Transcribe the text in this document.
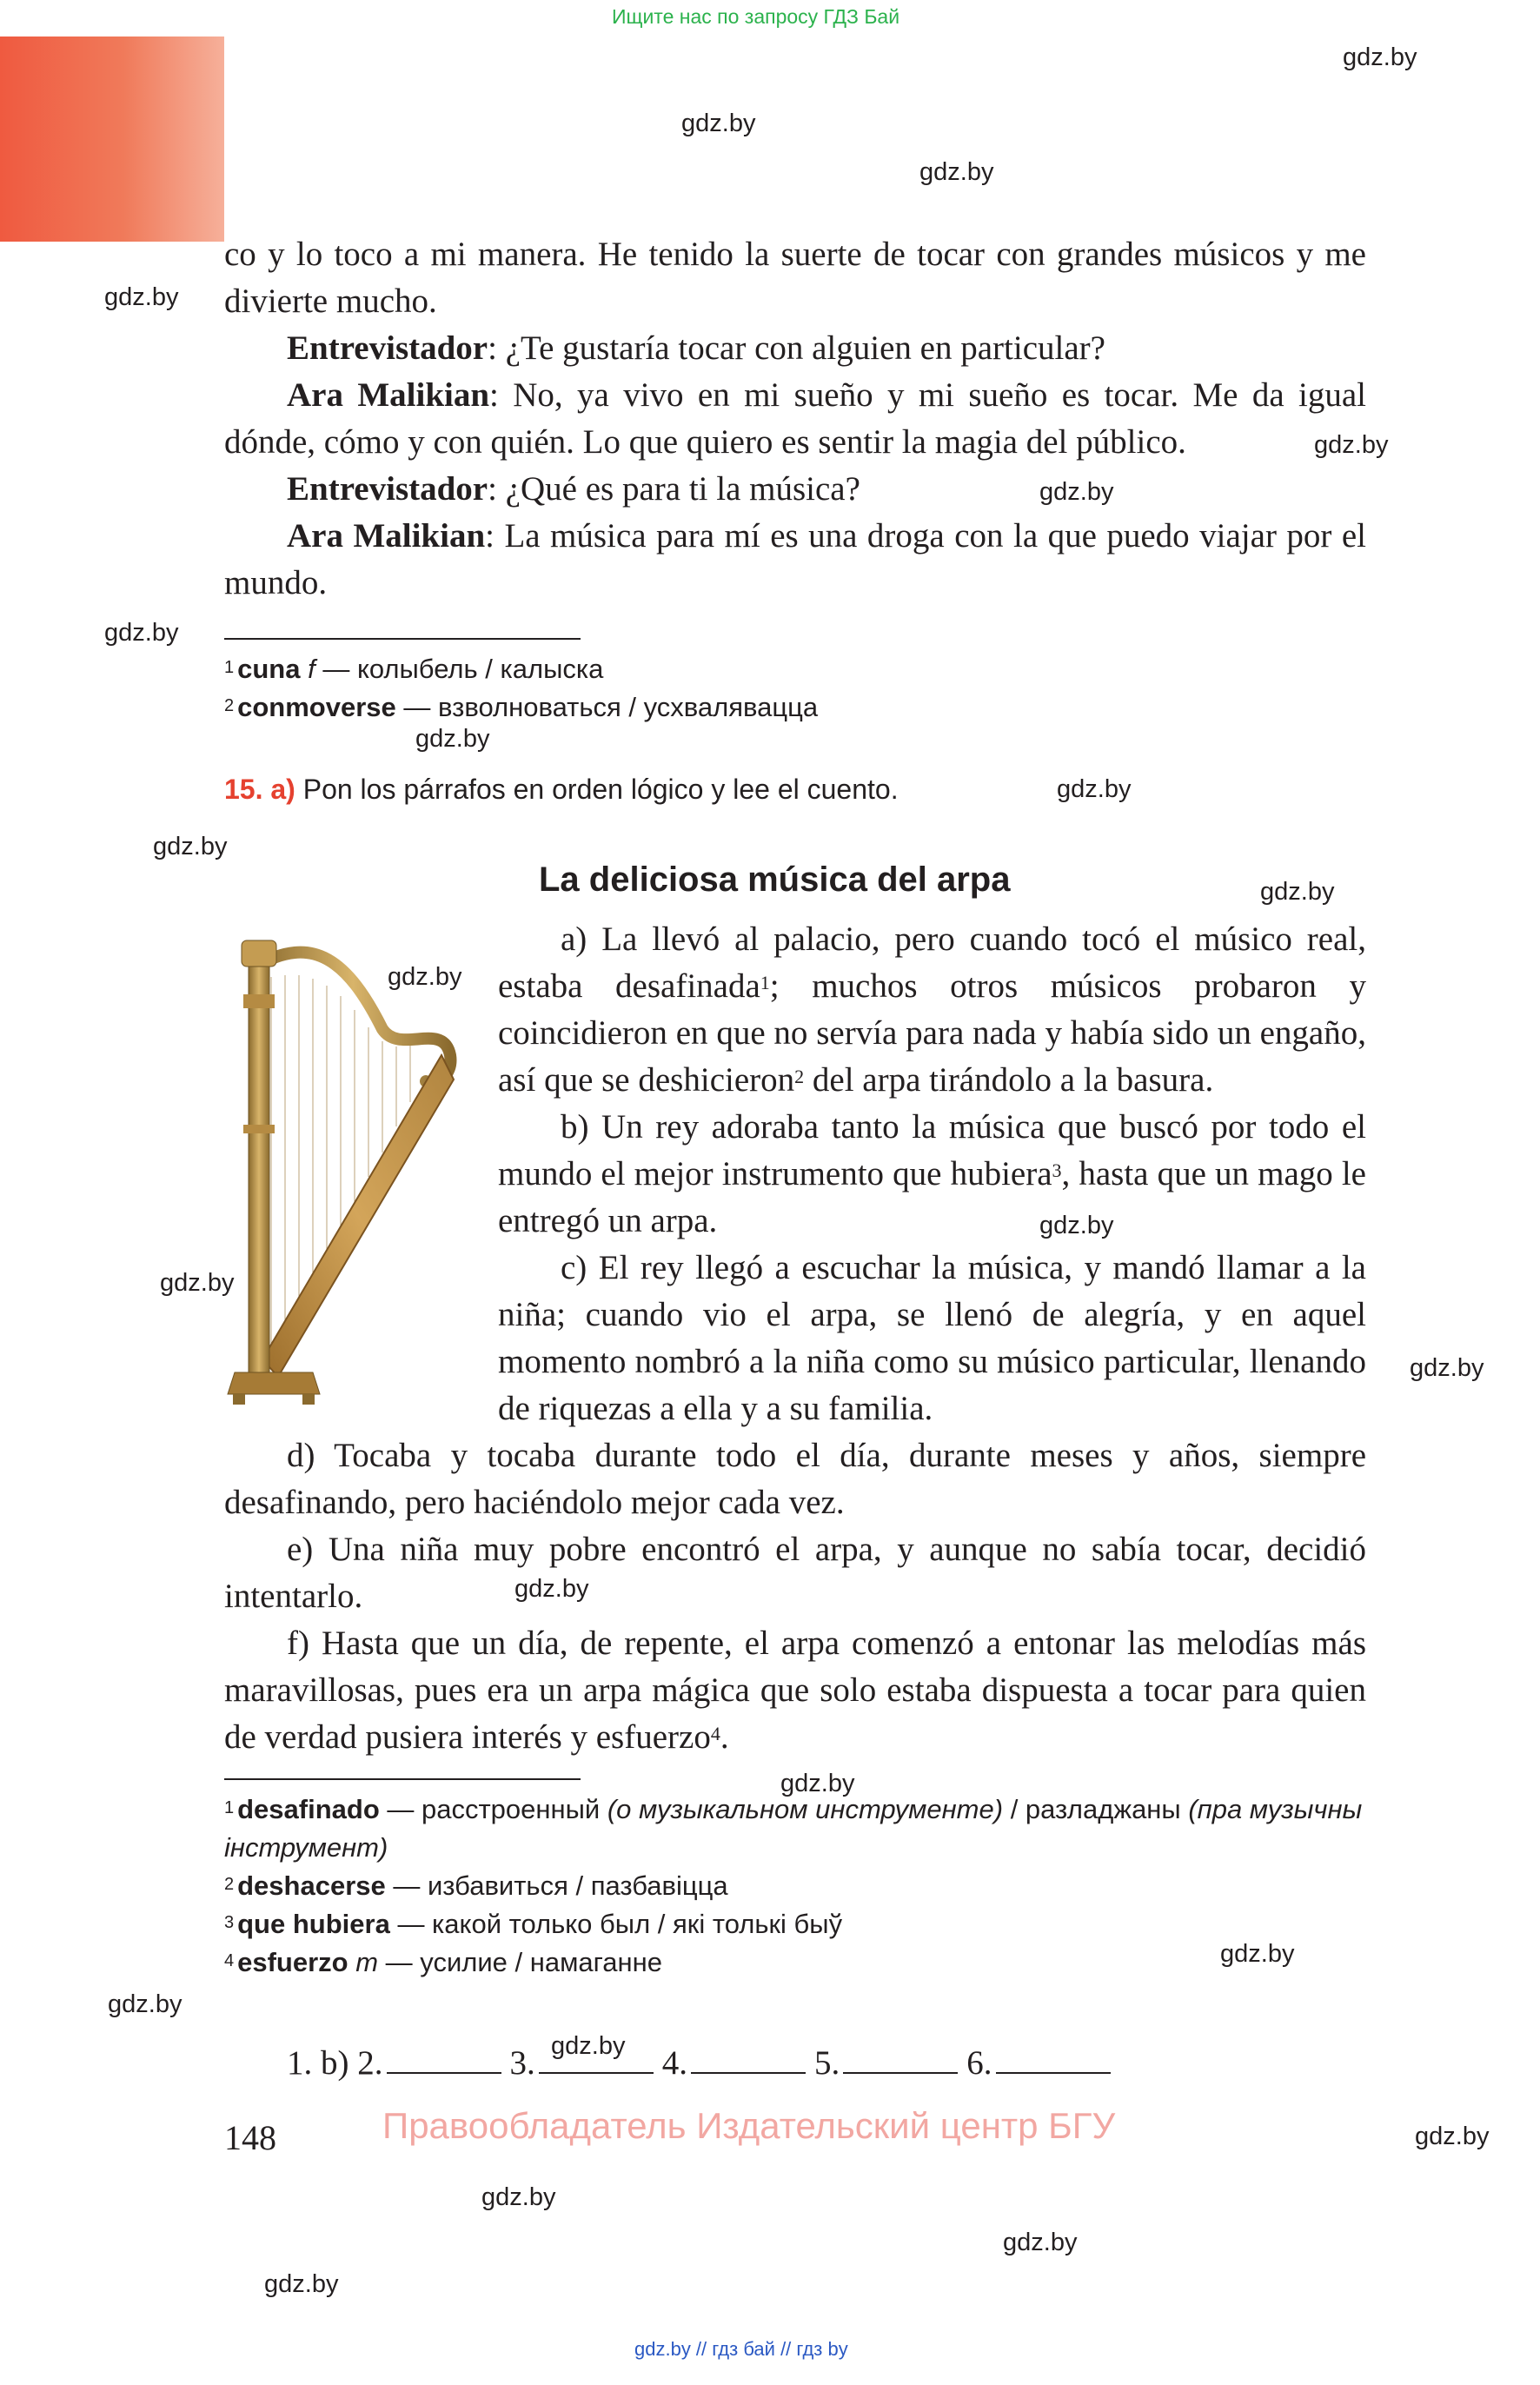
Ищите нас по запросу ГДЗ Бай
gdz.by
gdz.by
gdz.by
gdz.by
gdz.by
gdz.by
gdz.by
gdz.by
gdz.by
gdz.by
gdz.by
gdz.by
gdz.by
gdz.by
gdz.by
gdz.by
gdz.by
gdz.by
gdz.by
gdz.by
gdz.by
gdz.by
gdz.by

co y lo toco a mi manera. He tenido la suerte de tocar con grandes músicos y me divierte mucho.

Entrevistador: ¿Te gustaría tocar con alguien en particular?

Ara Malikian: No, ya vivo en mi sueño y mi sueño es tocar. Me da igual dónde, cómo y con quién. Lo que quiero es sentir la magia del público.

Entrevistador: ¿Qué es para ti la música?

Ara Malikian: La música para mí es una droga con la que puedo viajar por el mundo.

$^1$ cuna f — колыбель / калыска

$^2$ conmoverse — взволноваться / усхваляваццa

15. a) Pon los párrafos en orden lógico y lee el cuento.
La deliciosa música del arpa

a) La llevó al palacio, pero cuando tocó el músico real, estaba desafinada$^1$; muchos otros músicos probaron y coincidieron en que no servía para nada y había sido un engaño, así que se deshicieron$^2$ del arpa tirándolo a la basura.

b) Un rey adoraba tanto la música que buscó por todo el mundo el mejor instrumento que hubiera$^3$, hasta que un mago le entregó un arpa.

c) El rey llegó a escuchar la música, y mandó llamar a la niña; cuando vio el arpa, se llenó de alegría, y en aquel momento nombró a la niña como su músico particular, llenando de riquezas a ella y a su familia.

d) Tocaba y tocaba durante todo el día, durante meses y años, siempre desafinando, pero haciéndolo mejor cada vez.

e) Una niña muy pobre encontró el arpa, y aunque no sabía tocar, decidió intentarlo.

f) Hasta que un día, de repente, el arpa comenzó a entonar las melodías más maravillosas, pues era un arpa mágica que solo estaba dispuesta a tocar para quien de verdad pusiera interés y esfuerzo$^4$.

$^1$ desafinado — расстроенный (о музыкальном инструменте) / разладжаны (пра музычны інструмент)

$^2$ deshacerse — избавиться / пазбавіцца

$^3$ que hubiera — какой только был / які толькі быў

$^4$ esfuerzo m — усилие / намаганне

1. b) 2.	3.	4.	5.	6.
gdz.by
148	Правообладатель Издательский центр БГУ
gdz.by // гдз бай // гдз by
